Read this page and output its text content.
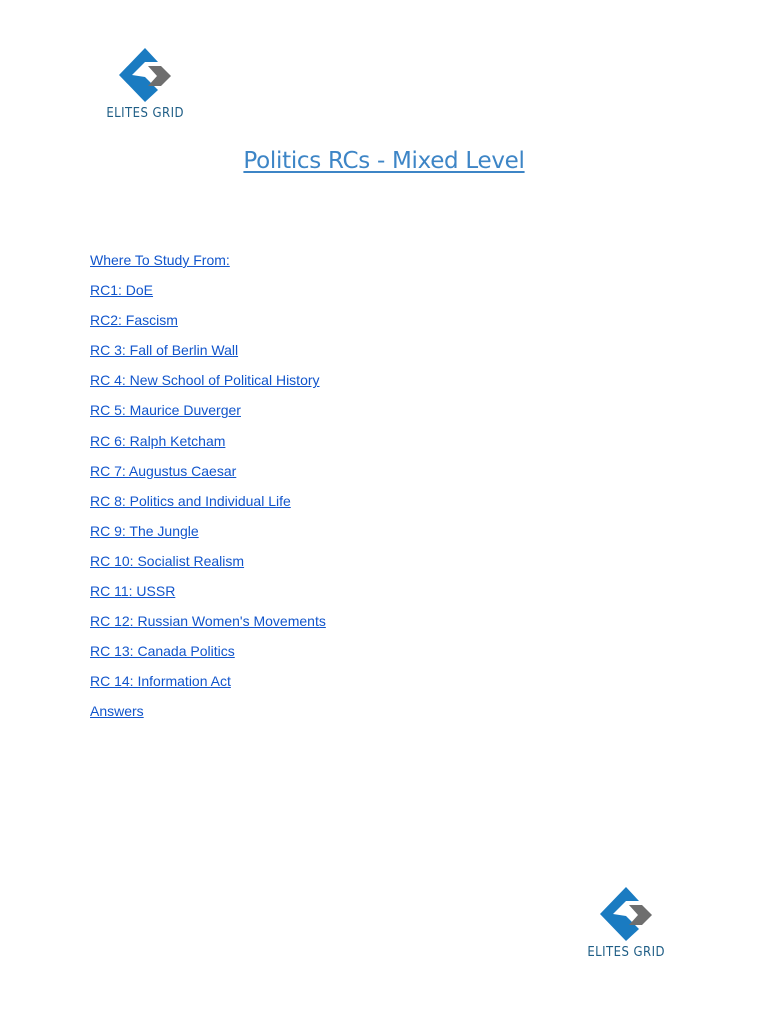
ELITES GRID
Politics RCs - Mixed Level
Where To Study From:
RC1: DoE
RC2: Fascism
RC 3: Fall of Berlin Wall
RC 4: New School of Political History
RC 5: Maurice Duverger
RC 6: Ralph Ketcham
RC 7: Augustus Caesar
RC 8: Politics and Individual Life
RC 9: The Jungle
RC 10: Socialist Realism
RC 11: USSR
RC 12: Russian Women's Movements
RC 13: Canada Politics
RC 14: Information Act
Answers
ELITES GRID
